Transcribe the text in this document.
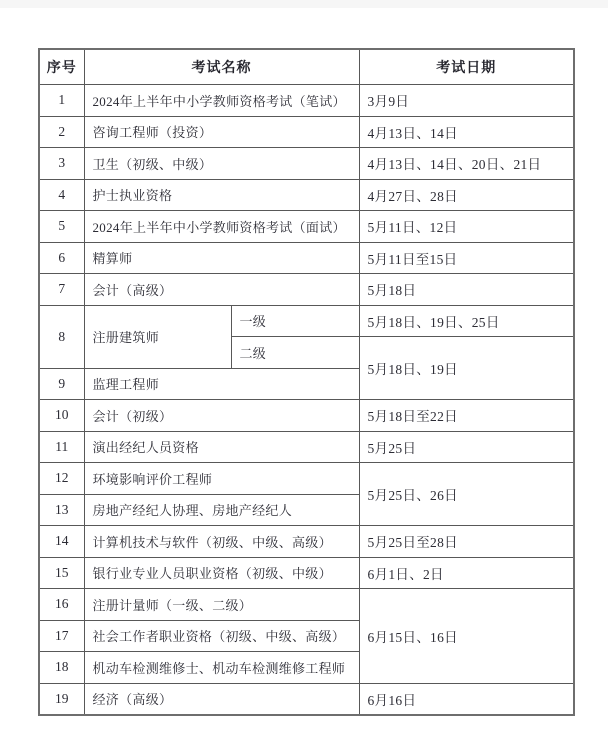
序号	考试名称		考试日期
1	2024年上半年中小学教师资格考试（笔试）		3月9日
2	咨询工程师（投资）		4月13日、14日
3	卫生（初级、中级）		4月13日、14日、20日、21日
4	护士执业资格		4月27日、28日
5	2024年上半年中小学教师资格考试（面试）		5月11日、12日
6	精算师		5月11日至15日
7	会计（高级）		5月18日
8	注册建筑师	一级	5月18日、19日、25日
		二级	5月18日、19日
9	监理工程师		
10	会计（初级）		5月18日至22日
11	演出经纪人员资格		5月25日
12	环境影响评价工程师		5月25日、26日
13	房地产经纪人协理、房地产经纪人		
14	计算机技术与软件（初级、中级、高级）		5月25日至28日
15	银行业专业人员职业资格（初级、中级）		6月1日、2日
16	注册计量师（一级、二级）		6月15日、16日
17	社会工作者职业资格（初级、中级、高级）		
18	机动车检测维修士、机动车检测维修工程师		
19	经济（高级）		6月16日
